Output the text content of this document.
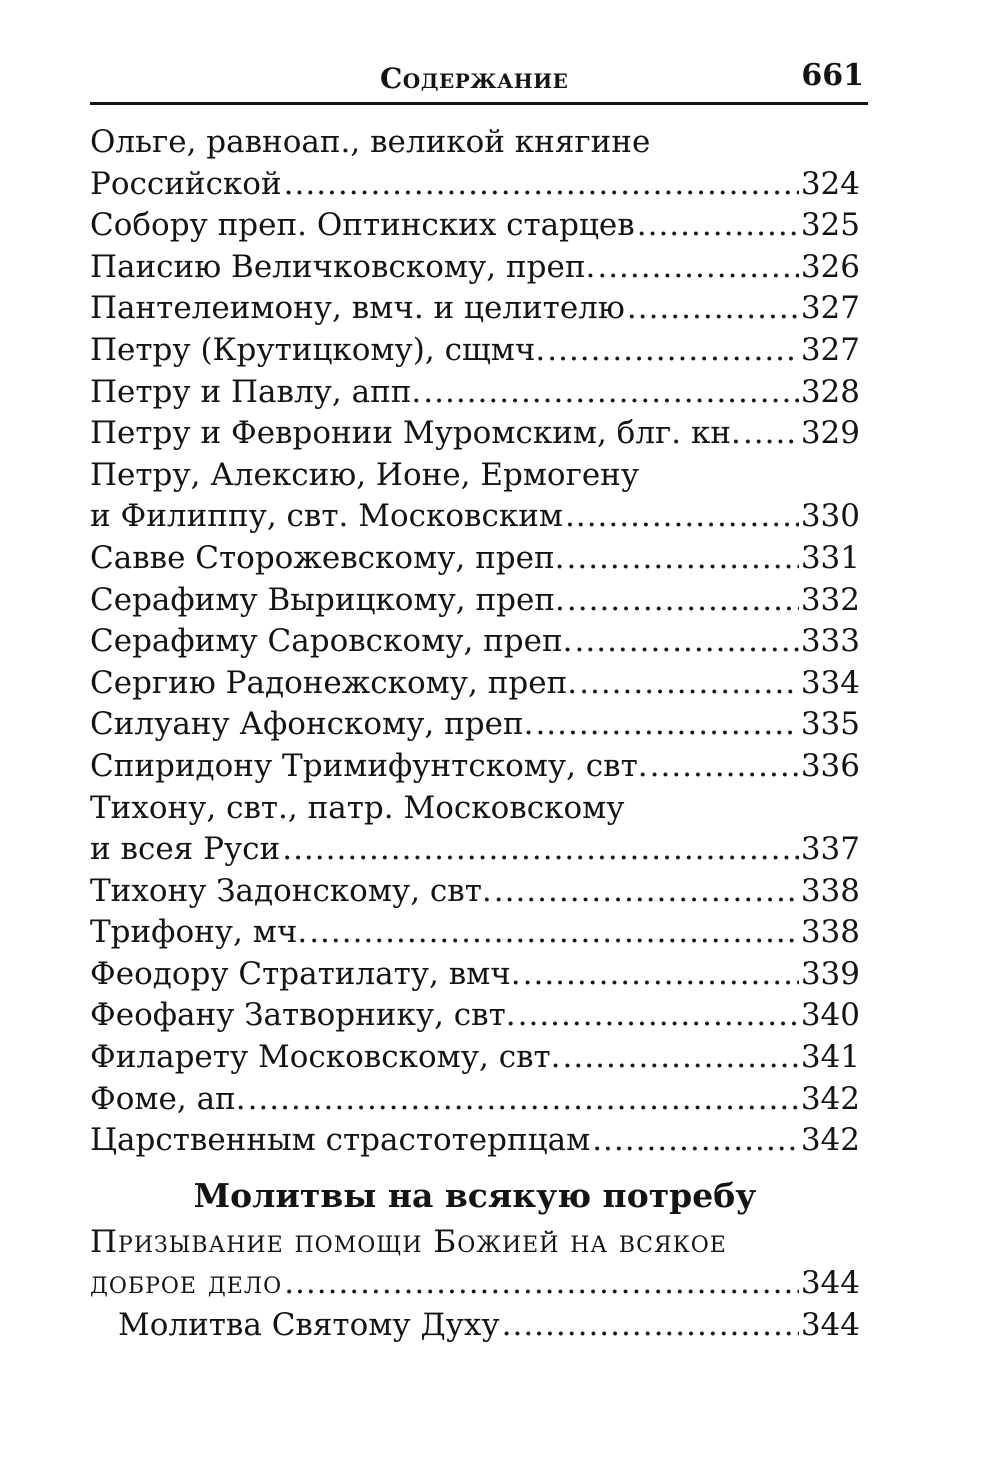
Содержание	661
Ольге, равноап., великой княгине
Российской .....	324
Собору преп. Оптинских старцев .....	325
Паисию Величковскому, преп. .....	326
Пантелеимону, вмч. и целителю .....	327
Петру (Крутицкому), сщмч. .....	327
Петру и Павлу, апп. .....	328
Петру и Февронии Муромским, блг. кн. ..... 329
Петру, Алексию, Ионе, Ермогену
и Филиппу, свт. Московским .....	330
Савве Сторожевскому, преп. .....	331
Серафиму Вырицкому, преп. .....	332
Серафиму Саровскому, преп. .....	333
Сергию Радонежскому, преп. .....	334
Силуану Афонскому, преп. .....	335
Спиридону Тримифунтскому, свт. .....	336
Тихону, свт., патр. Московскому
и всея Руси .....	337
Тихону Задонскому, свт. .....	338
Трифону, мч. .....	338
Феодору Стратилату, вмч. .....	339
Феофану Затворнику, свт. .....	340
Филарету Московскому, свт. .....	341
Фоме, ап. .....	342
Царственным страстотерпцам .....	342
Молитвы на всякую потребу
Призывание помощи Божией на всякое
доброе дело .....	344
Молитва Святому Духу .....	344
